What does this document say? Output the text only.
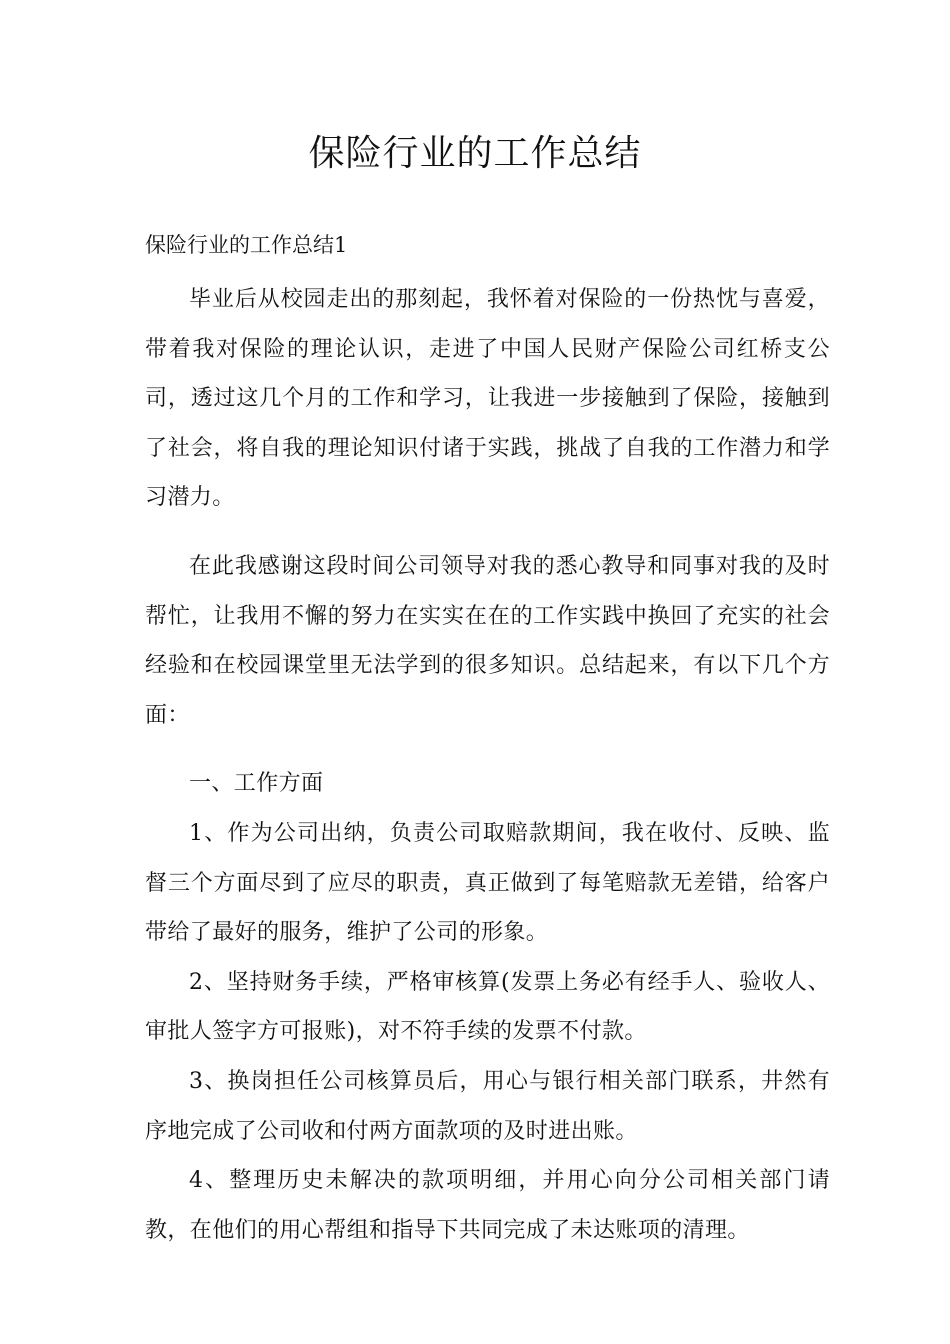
保险行业的工作总结
保险行业的工作总结1

毕业后从校园走出的那刻起，我怀着对保险的一份热忱与喜爱，带着我对保险的理论认识，走进了中国人民财产保险公司红桥支公司，透过这几个月的工作和学习，让我进一步接触到了保险，接触到了社会，将自我的理论知识付诸于实践，挑战了自我的工作潜力和学习潜力。

在此我感谢这段时间公司领导对我的悉心教导和同事对我的及时帮忙，让我用不懈的努力在实实在在的工作实践中换回了充实的社会经验和在校园课堂里无法学到的很多知识。总结起来，有以下几个方面：

一、工作方面

1、作为公司出纳，负责公司取赔款期间，我在收付、反映、监督三个方面尽到了应尽的职责，真正做到了每笔赔款无差错，给客户带给了最好的服务，维护了公司的形象。

2、坚持财务手续，严格审核算(发票上务必有经手人、验收人、审批人签字方可报账)，对不符手续的发票不付款。

3、换岗担任公司核算员后，用心与银行相关部门联系，井然有序地完成了公司收和付两方面款项的及时进出账。

4、整理历史未解决的款项明细，并用心向分公司相关部门请教，在他们的用心帮组和指导下共同完成了未达账项的清理。
